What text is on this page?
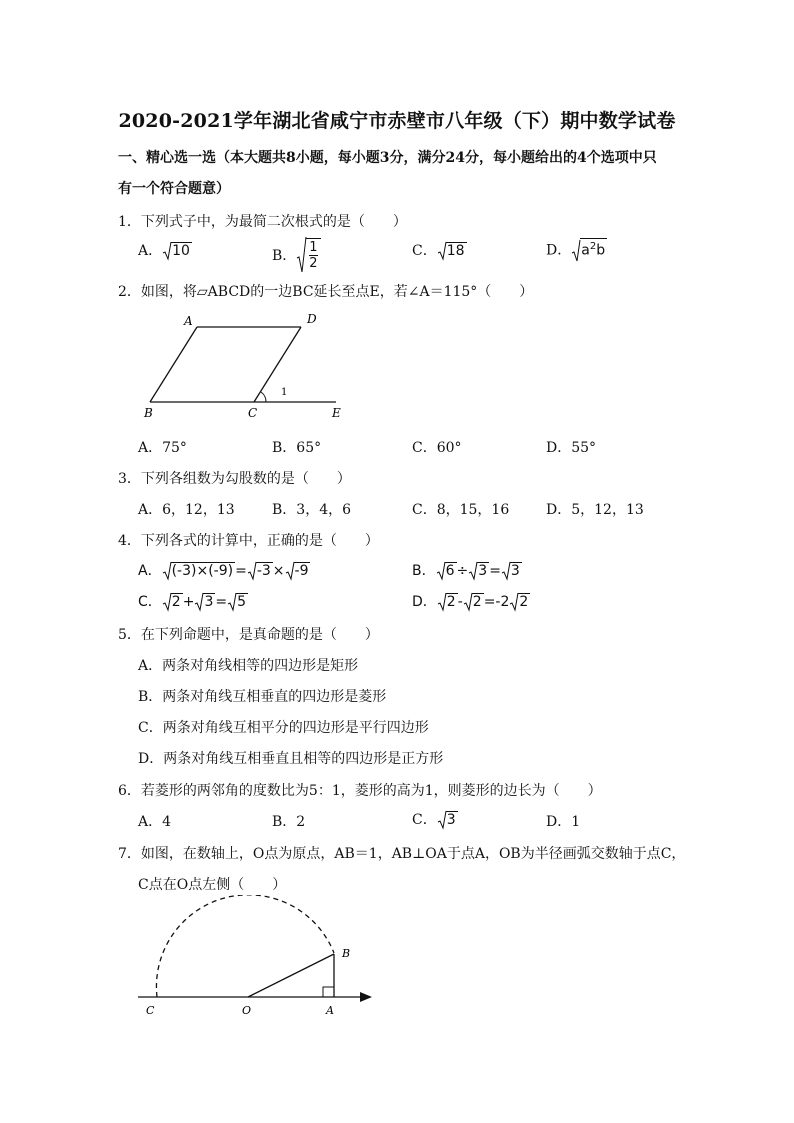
2020-2021学年湖北省咸宁市赤壁市八年级（下）期中数学试卷
一、精心选一选（本大题共8小题，每小题3分，满分24分，每小题给出的4个选项中只
有一个符合题意）
1．下列式子中，为最简二次根式的是（　　）
A． 10	B． $\frac{1}{2}$	C． 18	D． $a^2b$
2．如图，将▱ABCD的一边BC延长至点E，若∠A＝115°（　　）
A	D
B	C	E
1
A．75°	B．65°	C．60°	D．55°
3．下列各组数为勾股数的是（　　）
A．6，12，13	B．3，4，6	C．8，15，16	D．5，12，13
4．下列各式的计算中，正确的是（　　）
A． (-3)×(-9) = -3 × -9	B． 6 ÷ 3 = 3
C． 2 + 3 = 5	D． 2 - 2 =-2 2
5．在下列命题中，是真命题的是（　　）
A．两条对角线相等的四边形是矩形
B．两条对角线互相垂直的四边形是菱形
C．两条对角线互相平分的四边形是平行四边形
D．两条对角线互相垂直且相等的四边形是正方形
6．若菱形的两邻角的度数比为5：1，菱形的高为1，则菱形的边长为（　　）
A．4	B．2	C． 3	D．1
7．如图，在数轴上，O点为原点，AB＝1，AB⊥OA于点A，OB为半径画弧交数轴于点C，
C点在O点左侧（　　）
B
C	O	A
